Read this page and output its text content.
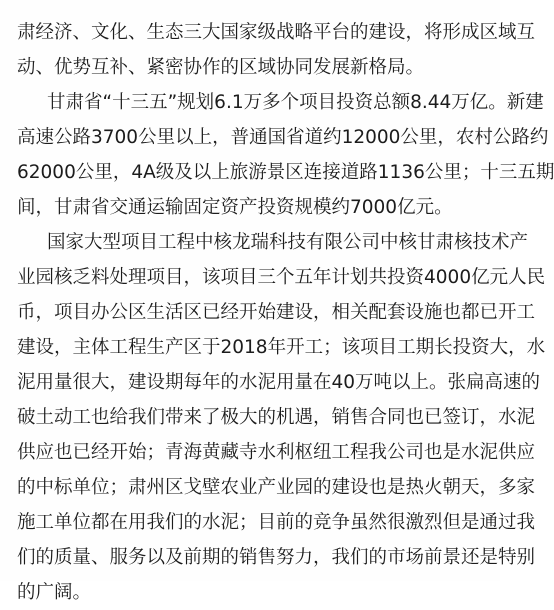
肃经济、文化、生态三大国家级战略平台的建设，将形成区域互
动、优势互补、紧密协作的区域协同发展新格局。
甘肃省“十三五”规划6.1万多个项目投资总额8.44万亿。新建
高速公路3700公里以上，普通国省道约12000公里，农村公路约
62000公里，4A级及以上旅游景区连接道路1136公里；十三五期
间，甘肃省交通运输固定资产投资规模约7000亿元。
国家大型项目工程中核龙瑞科技有限公司中核甘肃核技术产
业园核乏料处理项目，该项目三个五年计划共投资4000亿元人民
币，项目办公区生活区已经开始建设，相关配套设施也都已开工
建设，主体工程生产区于2018年开工；该项目工期长投资大，水
泥用量很大，建设期每年的水泥用量在40万吨以上。张扁高速的
破土动工也给我们带来了极大的机遇，销售合同也已签订，水泥
供应也已经开始；青海黄藏寺水利枢纽工程我公司也是水泥供应
的中标单位；肃州区戈壁农业产业园的建设也是热火朝天，多家
施工单位都在用我们的水泥；目前的竞争虽然很激烈但是通过我
们的质量、服务以及前期的销售努力，我们的市场前景还是特别
的广阔。
